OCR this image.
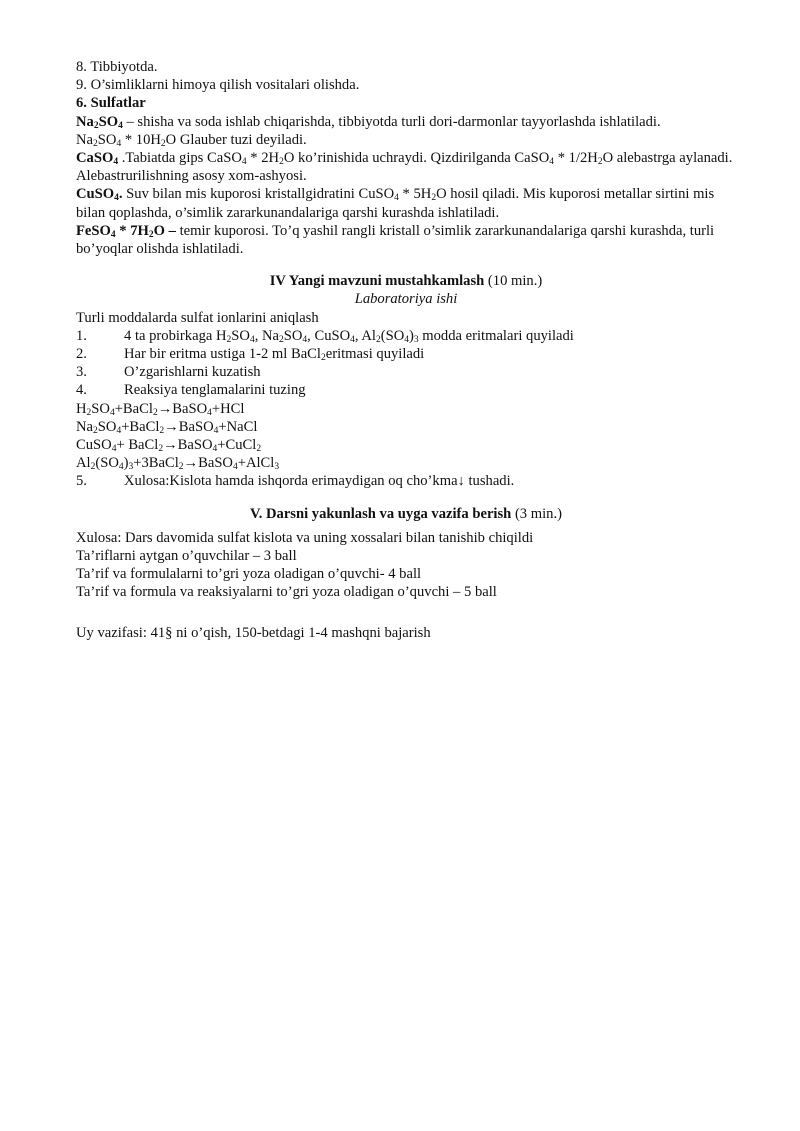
8. Tibbiyotda.

9. O’simliklarni himoya qilish vositalari olishda.

6. Sulfatlar

$Na_2SO_4$ – shisha va soda ishlab chiqarishda, tibbiyotda turli dori-darmonlar tayyorlashda ishlatiladi.

$Na_2SO_4 * 10H_2O$ Glauber tuzi deyiladi.

CaSO$_4$ .Tabiatda gips CaSO$_4$ * $2H_2O$ ko’rinishida uchraydi. Qizdirilganda CaSO$_4$ * $1/2H_2O$ alebastrga aylanadi. Alebastrurilishning asosy xom-ashyosi.

CuSO$_4$. Suv bilan mis kuporosi kristallgidratini CuSO$_4$ * $5H_2O$ hosil qiladi. Mis kuporosi metallar sirtini mis bilan qoplashda, o’simlik zararkunandalariga qarshi kurashda ishlatiladi.

FeSO$_4$ * $7H_2O$ – temir kuporosi. To’q yashil rangli kristall o’simlik zararkunandalariga qarshi kurashda, turli bo’yoqlar olishda ishlatiladi.

IV Yangi mavzuni mustahkamlash (10 min.)

Laboratoriya ishi

Turli moddalarda sulfat ionlarini aniqlash

1.	4 ta probirkaga $H_2SO_4$, $Na_2SO_4$, CuSO$_4$, $Al_2(SO_4)_3$ modda eritmalari quyiladi

2.	Har bir eritma ustiga 1-2 ml BaCl$_2$eritmasi quyiladi

3.	O’zgarishlarni kuzatish

4.	Reaksiya tenglamalarini tuzing

$H_2SO_4+BaCl_2\to BaSO_4+HCl$

$Na_2SO_4+BaCl_2\to BaSO_4+NaCl$

CuSO$_4$+ BaCl$_2$→BaSO$_4$+CuCl$_2$

$Al_2(SO_4)_3+3BaCl_2\to BaSO_4+AlCl_3$

5.	Xulosa:Kislota hamda ishqorda erimaydigan oq cho’kma↓ tushadi.

V. Darsni yakunlash va uyga vazifa berish (3 min.)

Xulosa: Dars davomida sulfat kislota va uning xossalari bilan tanishib chiqildi

Ta’riflarni aytgan o’quvchilar – 3 ball

Ta’rif va formulalarni to’gri yoza oladigan o’quvchi- 4 ball

Ta’rif va formula va reaksiyalarni to’gri yoza oladigan o’quvchi – 5 ball

Uy vazifasi: 41§ ni o’qish, 150-betdagi 1-4 mashqni bajarish
